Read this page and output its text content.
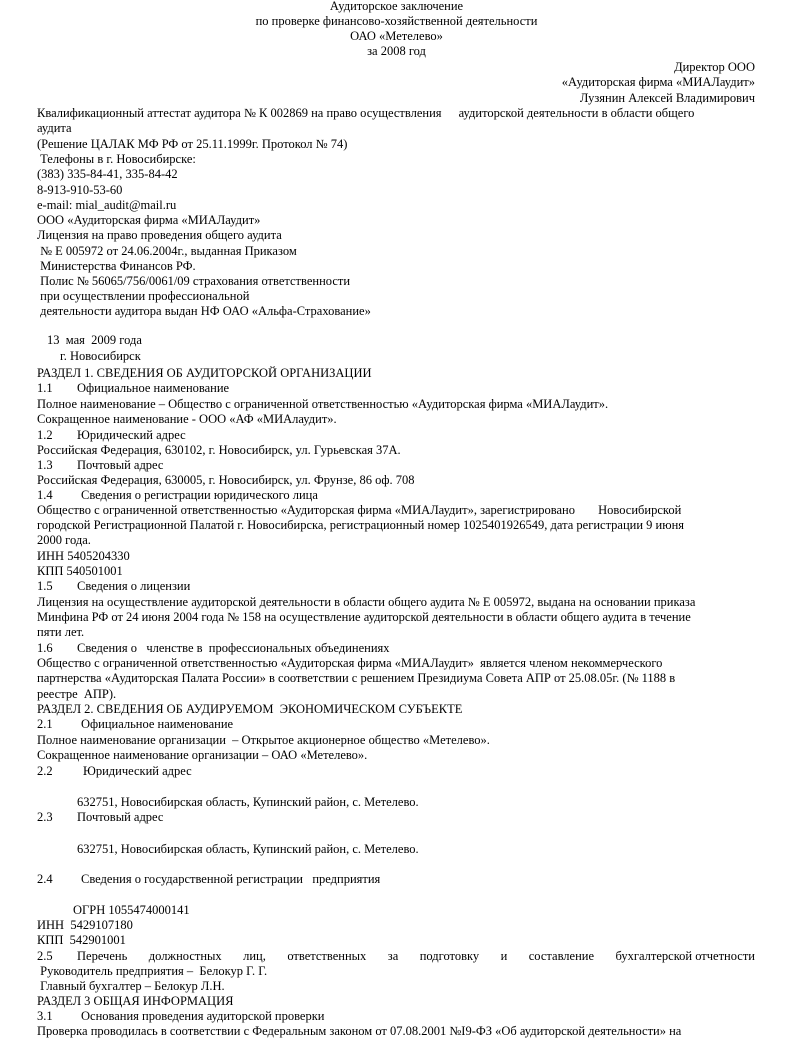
Аудиторское заключение
по проверке финансово-хозяйственной деятельности
ОАО «Метелево»
за 2008 год
Директор ООО
«Аудиторская фирма «МИАЛаудит»
Лузянин Алексей Владимирович
Квалификационный аттестат аудитора № К 002869 на право осуществления аудиторской деятельности в области общего
аудита
(Решение ЦАЛАК МФ РФ от 25.11.1999г. Протокол № 74)
Телефоны в г. Новосибирске:
(383) 335-84-41, 335-84-42
8-913-910-53-60
e-mail: mial_audit@mail.ru
ООО «Аудиторская фирма «МИАЛаудит»
Лицензия на право проведения общего аудита
№ Е 005972 от 24.06.2004г., выданная Приказом
Министерства Финансов РФ.
Полис № 56065/756/0061/09 страхования ответственности
при осуществлении профессиональной
деятельности аудитора выдан НФ ОАО «Альфа-Страхование»
13  мая  2009 года
г. Новосибирск
РАЗДЕЛ 1. СВЕДЕНИЯ ОБ АУДИТОРСКОЙ ОРГАНИЗАЦИИ
1.1 Официальное наименование
Полное наименование – Общество с ограниченной ответственностью «Аудиторская фирма «МИАЛаудит».
Сокращенное наименование - ООО «АФ «МИАлаудит».
1.2 Юридический адрес
Российская Федерация, 630102, г. Новосибирск, ул. Гурьевская 37А.
1.3 Почтовый адрес
Российская Федерация, 630005, г. Новосибирск, ул. Фрунзе, 86 оф. 708
1.4 Сведения о регистрации юридического лица
Общество с ограниченной ответственностью «Аудиторская фирма «МИАЛаудит», зарегистрировано Новосибирской
городской Регистрационной Палатой г. Новосибирска, регистрационный номер 1025401926549, дата регистрации 9 июня
2000 года.
ИНН 5405204330
КПП 540501001
1.5 Сведения о лицензии
Лицензия на осуществление аудиторской деятельности в области общего аудита № Е 005972, выдана на основании приказа
Минфина РФ от 24 июня 2004 года № 158 на осуществление аудиторской деятельности в области общего аудита в течение
пяти лет.
1.6 Сведения о   членстве в  профессиональных объединениях
Общество с ограниченной ответственностью «Аудиторская фирма «МИАЛаудит»  является членом некоммерческого
партнерства «Аудиторская Палата России» в соответствии с решением Президиума Совета АПР от 25.08.05г. (№ 1188 в
реестре  АПР).
РАЗДЕЛ 2. СВЕДЕНИЯ ОБ АУДИРУЕМОМ  ЭКОНОМИЧЕСКОМ СУБЪЕКТЕ
2.1 Официальное наименование
Полное наименование организации  – Открытое акционерное общество «Метелево».
Сокращенное наименование организации – ОАО «Метелево».
2.2 Юридический адрес
632751, Новосибирская область, Купинский район, с. Метелево.
2.3 Почтовый адрес
632751, Новосибирская область, Купинский район, с. Метелево.
2.4 Сведения о государственной регистрации   предприятия
ОГРН 1055474000141
ИНН  5429107180
КПП  542901001
2.5 Перечень должностных лиц, ответственных за подготовку и составление бухгалтерской отчетности
Руководитель предприятия –  Белокур Г. Г.
Главный бухгалтер – Белокур Л.Н.
РАЗДЕЛ 3 ОБЩАЯ ИНФОРМАЦИЯ
3.1 Основания проведения аудиторской проверки
Проверка проводилась в соответствии с Федеральным законом от 07.08.2001 №I9-ФЗ «Об аудиторской деятельности» на
